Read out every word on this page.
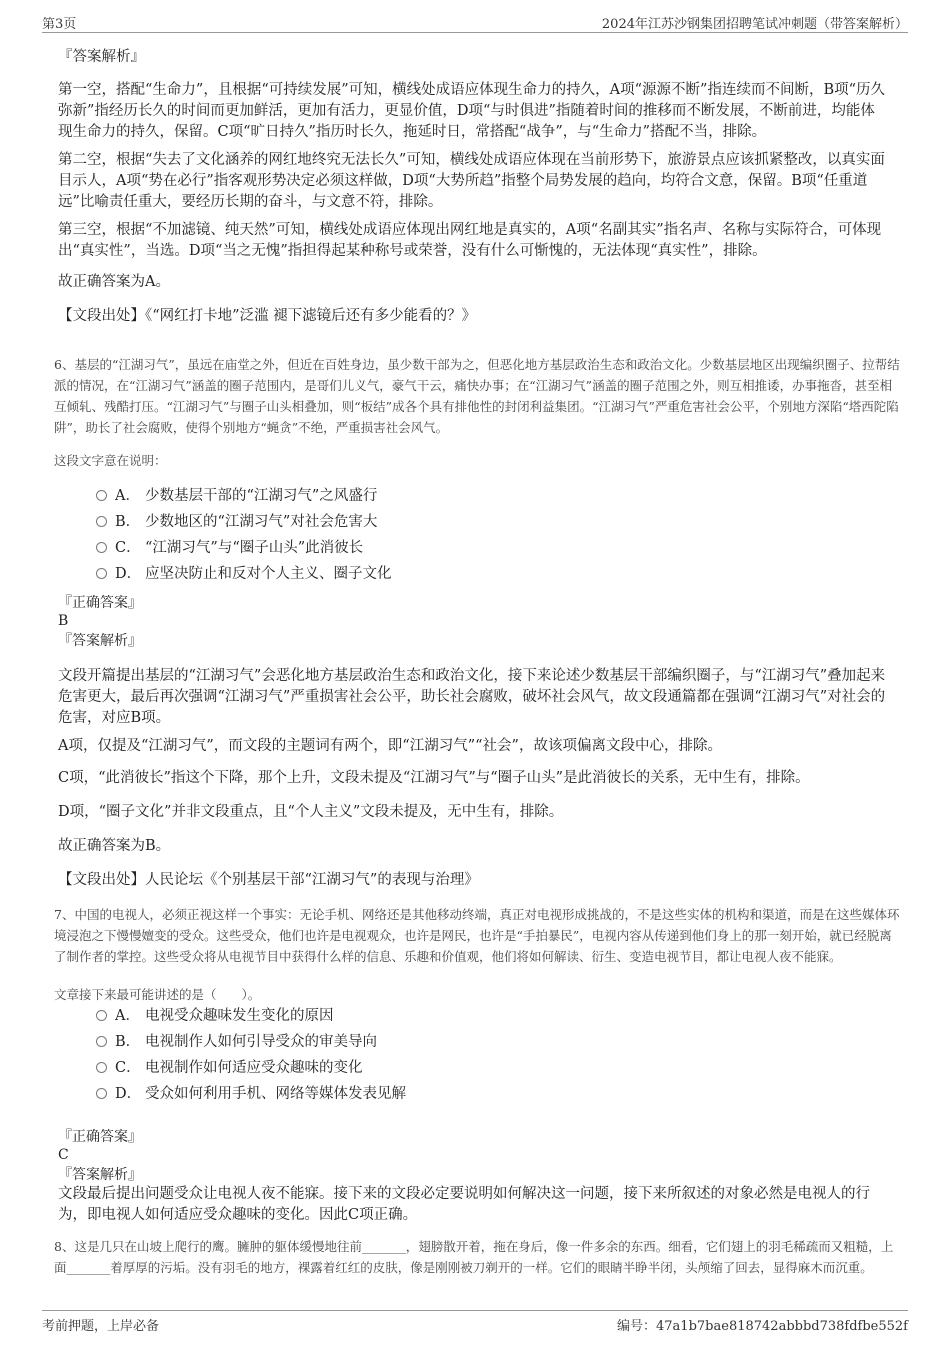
第3页	2024年江苏沙钢集团招聘笔试冲刺题（带答案解析）
『答案解析』
第一空，搭配“生命力”，且根据“可持续发展”可知，横线处成语应体现生命力的持久，A项“源源不断”指连续而不间断，B项“历久弥新”指经历长久的时间而更加鲜活，更加有活力，更显价值，D项“与时俱进”指随着时间的推移而不断发展，不断前进，均能体现生命力的持久，保留。C项“旷日持久”指历时长久，拖延时日，常搭配“战争”，与“生命力”搭配不当，排除。
第二空，根据“失去了文化涵养的网红地终究无法长久”可知，横线处成语应体现在当前形势下，旅游景点应该抓紧整改，以真实面目示人，A项“势在必行”指客观形势决定必须这样做，D项“大势所趋”指整个局势发展的趋向，均符合文意，保留。B项“任重道远”比喻责任重大，要经历长期的奋斗，与文意不符，排除。
第三空，根据“不加滤镜、纯天然”可知，横线处成语应体现出网红地是真实的，A项“名副其实”指名声、名称与实际符合，可体现出“真实性”，当选。D项“当之无愧”指担得起某种称号或荣誉，没有什么可惭愧的，无法体现“真实性”，排除。
故正确答案为A。
【文段出处】《“网红打卡地”泛滥 褪下滤镜后还有多少能看的？》
6、基层的“江湖习气”，虽远在庙堂之外，但近在百姓身边，虽少数干部为之，但恶化地方基层政治生态和政治文化。少数基层地区出现编织圈子、拉帮结派的情况，在“江湖习气”涵盖的圈子范围内，是哥们儿义气，豪气干云，痛快办事；在“江湖习气”涵盖的圈子范围之外，则互相推诿，办事拖沓，甚至相互倾轧、残酷打压。“江湖习气”与圈子山头相叠加，则“板结”成各个具有排他性的封闭利益集团。“江湖习气”严重危害社会公平，个别地方深陷“塔西陀陷阱”，助长了社会腐败，使得个别地方“蝇贪”不绝，严重损害社会风气。
这段文字意在说明：
A． 少数基层干部的“江湖习气”之风盛行
B． 少数地区的“江湖习气”对社会危害大
C． “江湖习气”与“圈子山头”此消彼长
D． 应坚决防止和反对个人主义、圈子文化
『正确答案』
B
『答案解析』
文段开篇提出基层的“江湖习气”会恶化地方基层政治生态和政治文化，接下来论述少数基层干部编织圈子，与“江湖习气”叠加起来危害更大，最后再次强调“江湖习气”严重损害社会公平，助长社会腐败，破坏社会风气，故文段通篇都在强调“江湖习气”对社会的危害，对应B项。
A项，仅提及“江湖习气”，而文段的主题词有两个，即“江湖习气”“社会”，故该项偏离文段中心，排除。
C项，“此消彼长”指这个下降，那个上升，文段未提及“江湖习气”与“圈子山头”是此消彼长的关系，无中生有，排除。
D项，“圈子文化”并非文段重点，且“个人主义”文段未提及，无中生有，排除。
故正确答案为B。
【文段出处】人民论坛《个别基层干部“江湖习气”的表现与治理》
7、中国的电视人，必须正视这样一个事实：无论手机、网络还是其他移动终端，真正对电视形成挑战的，不是这些实体的机构和渠道，而是在这些媒体环境浸泡之下慢慢嬗变的受众。这些受众，他们也许是电视观众，也许是网民，也许是“手拍暴民”，电视内容从传递到他们身上的那一刻开始，就已经脱离了制作者的掌控。这些受众将从电视节目中获得什么样的信息、乐趣和价值观，他们将如何解读、衍生、变造电视节目，都让电视人夜不能寐。
文章接下来最可能讲述的是（　　）。
A． 电视受众趣味发生变化的原因
B． 电视制作人如何引导受众的审美导向
C． 电视制作如何适应受众趣味的变化
D． 受众如何利用手机、网络等媒体发表见解
『正确答案』
C
『答案解析』
文段最后提出问题受众让电视人夜不能寐。接下来的文段必定要说明如何解决这一问题，接下来所叙述的对象必然是电视人的行为，即电视人如何适应受众趣味的变化。因此C项正确。
8、这是几只在山坡上爬行的鹰。臃肿的躯体缓慢地往前_______，翅膀散开着，拖在身后，像一件多余的东西。细看，它们翅上的羽毛稀疏而又粗糙，上面_______着厚厚的污垢。没有羽毛的地方，裸露着红红的皮肤，像是刚刚被刀剃开的一样。它们的眼睛半睁半闭，头颅缩了回去，显得麻木而沉重。
考前押题，上岸必备	编号：47a1b7bae818742abbbd738fdfbe552f
